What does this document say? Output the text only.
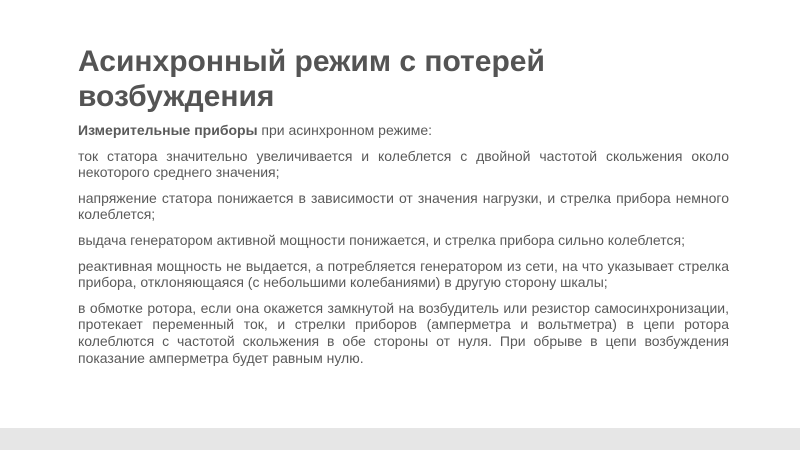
Асинхронный режим с потерей возбуждения

Измерительные приборы при асинхронном режиме:

ток статора значительно увеличивается и колеблется с двойной частотой скольжения около некоторого среднего значения;

напряжение статора понижается в зависимости от значения нагрузки, и стрелка прибора немного колеблется;

выдача генератором активной мощности понижается, и стрелка прибора сильно колеблется;

реактивная мощность не выдается, а потребляется генератором из сети, на что указывает стрелка прибора, отклоняющаяся (с небольшими колебаниями) в другую сторону шкалы;

в обмотке ротора, если она окажется замкнутой на возбудитель или резистор самосинхронизации, протекает переменный ток, и стрелки приборов (амперметра и вольтметра) в цепи ротора колеблются с частотой скольжения в обе стороны от нуля. При обрыве в цепи возбуждения показание амперметра будет равным нулю.
